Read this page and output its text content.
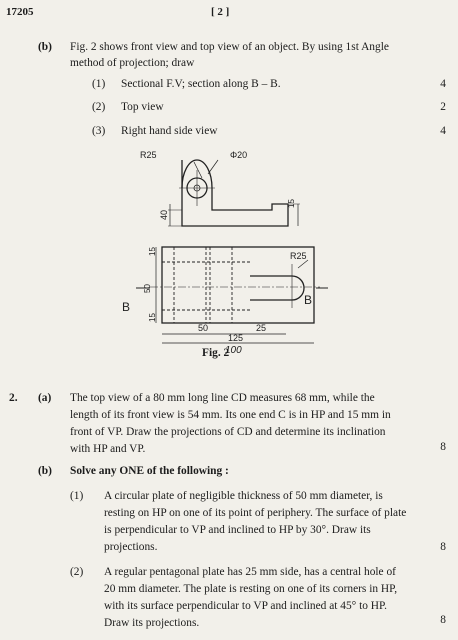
17205	[ 2 ]
(b) Fig. 2 shows front view and top view of an object. By using 1st Angle
method of projection; draw
(1) Sectional F.V; section along B – B.	4
(2) Top view	2
(3) Right hand side view	4
R25	Φ20
40
15
15
50
15
R25
50	25
125
100
B	B
Fig. 2
2. (a) The top view of a 80 mm long line CD measures 68 mm, while the
length of its front view is 54 mm. Its one end C is in HP and 15 mm in
front of VP. Draw the projections of CD and determine its inclination
with HP and VP.	8
(b) Solve any ONE of the following :
(1) A circular plate of negligible thickness of 50 mm diameter, is
resting on HP on one of its point of periphery. The surface of plate
is perpendicular to VP and inclined to HP by 30°. Draw its
projections.	8
(2) A regular pentagonal plate has 25 mm side, has a central hole of
20 mm diameter. The plate is resting on one of its corners in HP,
with its surface perpendicular to VP and inclined at 45° to HP.
Draw its projections.	8
